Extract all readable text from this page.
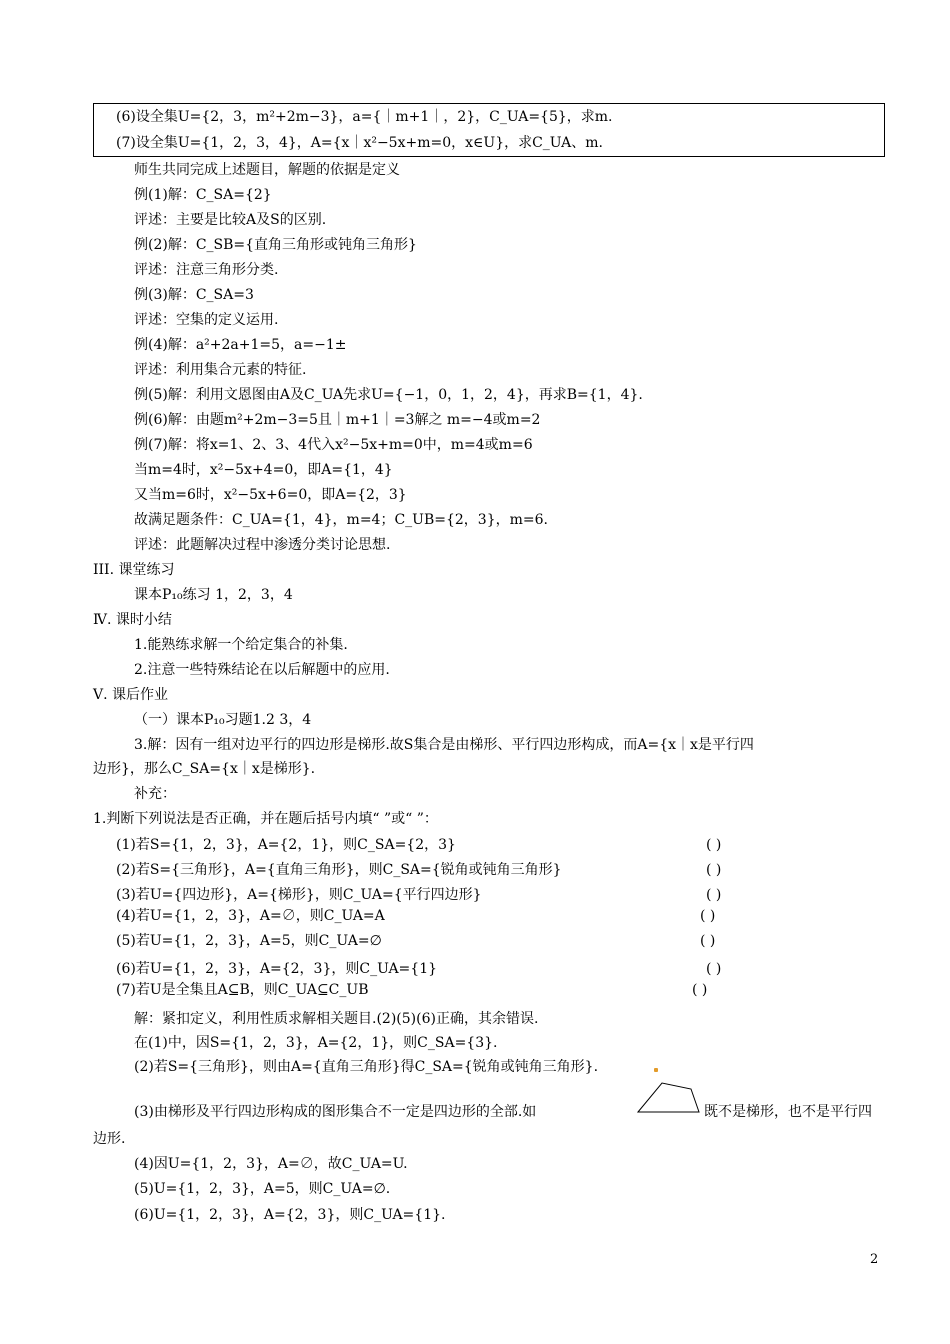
(6)设全集U={2，3，m²+2m−3}，a={｜m+1｜，2}，C_UA={5}，求m.
(7)设全集U={1，2，3，4}，A={x｜x²−5x+m=0，x∈U}，求C_UA、m.
师生共同完成上述题目，解题的依据是定义
例(1)解：C_SA={2}
评述：主要是比较A及S的区别.
例(2)解：C_SB={直角三角形或钝角三角形}
评述：注意三角形分类.
例(3)解：C_SA=3
评述：空集的定义运用.
例(4)解：a²+2a+1=5，a=−1±
评述：利用集合元素的特征.
例(5)解：利用文恩图由A及C_UA先求U={−1，0，1，2，4}，再求B={1，4}.
例(6)解：由题m²+2m−3=5且｜m+1｜=3解之 m=−4或m=2
例(7)解：将x=1、2、3、4代入x²−5x+m=0中，m=4或m=6
当m=4时，x²−5x+4=0，即A={1，4}
又当m=6时，x²−5x+6=0，即A={2，3}
故满足题条件：C_UA={1，4}，m=4；C_UB={2，3}，m=6.
评述：此题解决过程中渗透分类讨论思想.
III. 课堂练习
课本P₁₀练习 1，2，3，4
Ⅳ. 课时小结
1.能熟练求解一个给定集合的补集.
2.注意一些特殊结论在以后解题中的应用.
Ⅴ. 课后作业
（一）课本P₁₀习题1.2 3，4
3.解：因有一组对边平行的四边形是梯形.故S集合是由梯形、平行四边形构成，而A={x｜x是平行四
边形}，那么C_SA={x｜x是梯形}.
补充：
1.判断下列说法是否正确，并在题后括号内填“ ”或“ ”：
(1)若S={1，2，3}，A={2，1}，则C_SA={2，3}	( )
(2)若S={三角形}，A={直角三角形}，则C_SA={锐角或钝角三角形}	( )
(3)若U={四边形}，A={梯形}，则C_UA={平行四边形}	( )
(4)若U={1，2，3}，A=∅，则C_UA=A	( )
(5)若U={1，2，3}，A=5，则C_UA=∅	( )
(6)若U={1，2，3}，A={2，3}，则C_UA={1}	( )
(7)若U是全集且A⊆B，则C_UA⊆C_UB	( )
解：紧扣定义，利用性质求解相关题目.(2)(5)(6)正确，其余错误.
在(1)中，因S={1，2，3}，A={2，1}，则C_SA={3}.
(2)若S={三角形}，则由A={直角三角形}得C_SA={锐角或钝角三角形}.
(3)由梯形及平行四边形构成的图形集合不一定是四边形的全部.如	既不是梯形，也不是平行四
边形.
(4)因U={1，2，3}，A=∅，故C_UA=U.
(5)U={1，2，3}，A=5，则C_UA=∅.
(6)U={1，2，3}，A={2，3}，则C_UA={1}.
2
